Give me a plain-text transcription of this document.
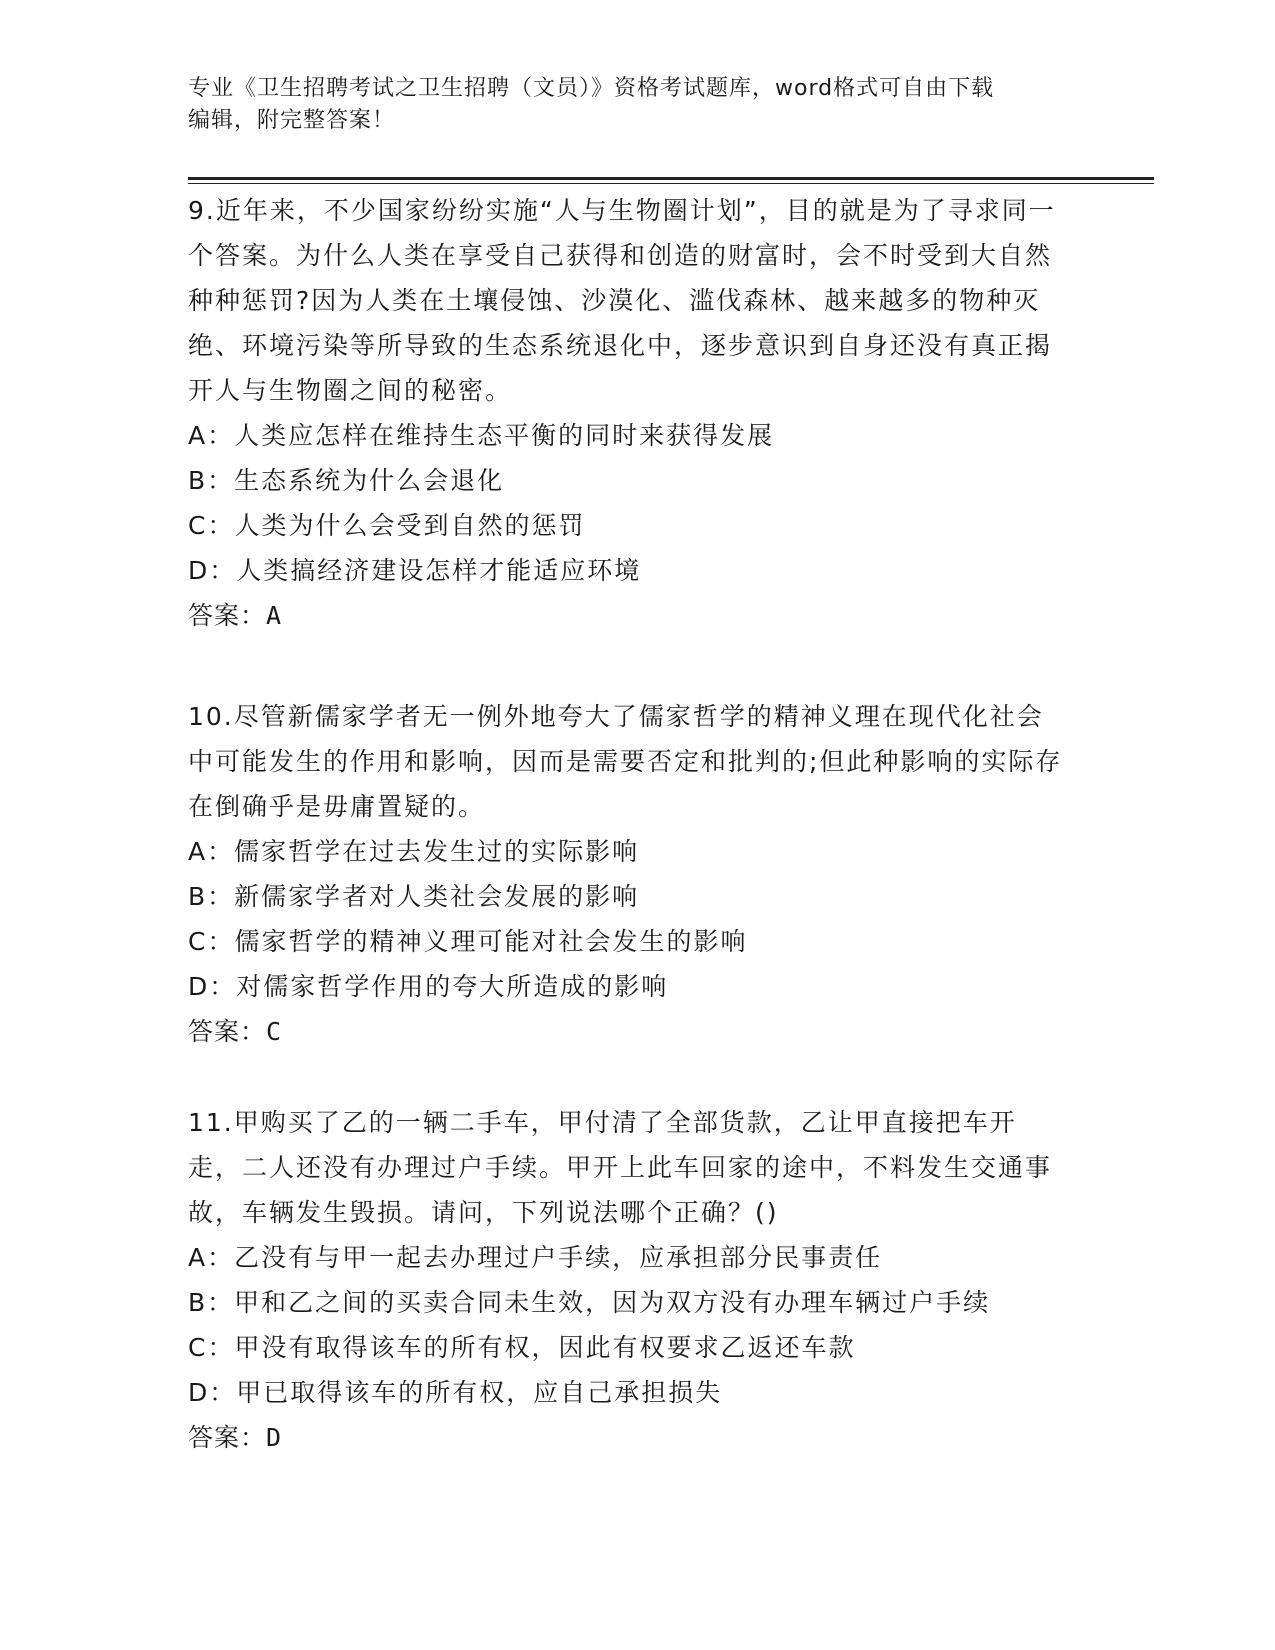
专业《卫生招聘考试之卫生招聘（文员）》资格考试题库，word格式可自由下载
编辑，附完整答案！
9.近年来，不少国家纷纷实施“人与生物圈计划”，目的就是为了寻求同一个答案。为什么人类在享受自己获得和创造的财富时，会不时受到大自然种种惩罚?因为人类在土壤侵蚀、沙漠化、滥伐森林、越来越多的物种灭绝、环境污染等所导致的生态系统退化中，逐步意识到自身还没有真正揭开人与生物圈之间的秘密。
A：人类应怎样在维持生态平衡的同时来获得发展
B：生态系统为什么会退化
C：人类为什么会受到自然的惩罚
D：人类搞经济建设怎样才能适应环境
答案：A
10.尽管新儒家学者无一例外地夸大了儒家哲学的精神义理在现代化社会中可能发生的作用和影响，因而是需要否定和批判的;但此种影响的实际存在倒确乎是毋庸置疑的。
A：儒家哲学在过去发生过的实际影响
B：新儒家学者对人类社会发展的影响
C：儒家哲学的精神义理可能对社会发生的影响
D：对儒家哲学作用的夸大所造成的影响
答案：C
11.甲购买了乙的一辆二手车，甲付清了全部货款，乙让甲直接把车开走，二人还没有办理过户手续。甲开上此车回家的途中，不料发生交通事故，车辆发生毁损。请问，下列说法哪个正确？()
A：乙没有与甲一起去办理过户手续，应承担部分民事责任
B：甲和乙之间的买卖合同未生效，因为双方没有办理车辆过户手续
C：甲没有取得该车的所有权，因此有权要求乙返还车款
D：甲已取得该车的所有权，应自己承担损失
答案：D
